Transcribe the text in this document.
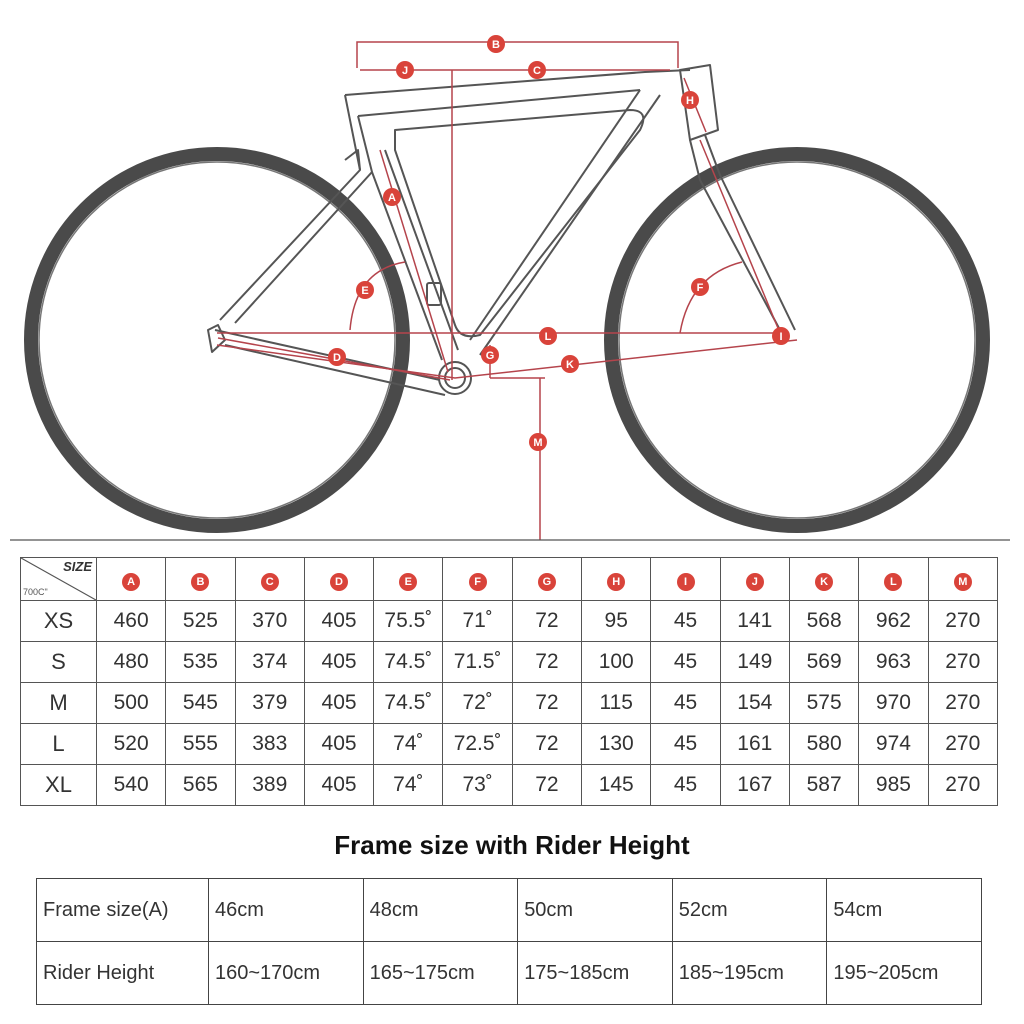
B
J	C
H
A
E	F
L	I
D	G
K
M
SIZE
700C"	A	B	C	D	E	F	G	H	I	J	K	L	M
XS	460	525	370	405	75.5˚	71˚	72	95	45	141	568	962	270
S	480	535	374	405	74.5˚	71.5˚	72	100	45	149	569	963	270
M	500	545	379	405	74.5˚	72˚	72	115	45	154	575	970	270
L	520	555	383	405	74˚	72.5˚	72	130	45	161	580	974	270
XL	540	565	389	405	74˚	73˚	72	145	45	167	587	985	270
Frame size with Rider Height
Frame size(A)	46cm	48cm	50cm	52cm	54cm
Rider Height	160~170cm	165~175cm	175~185cm	185~195cm	195~205cm
